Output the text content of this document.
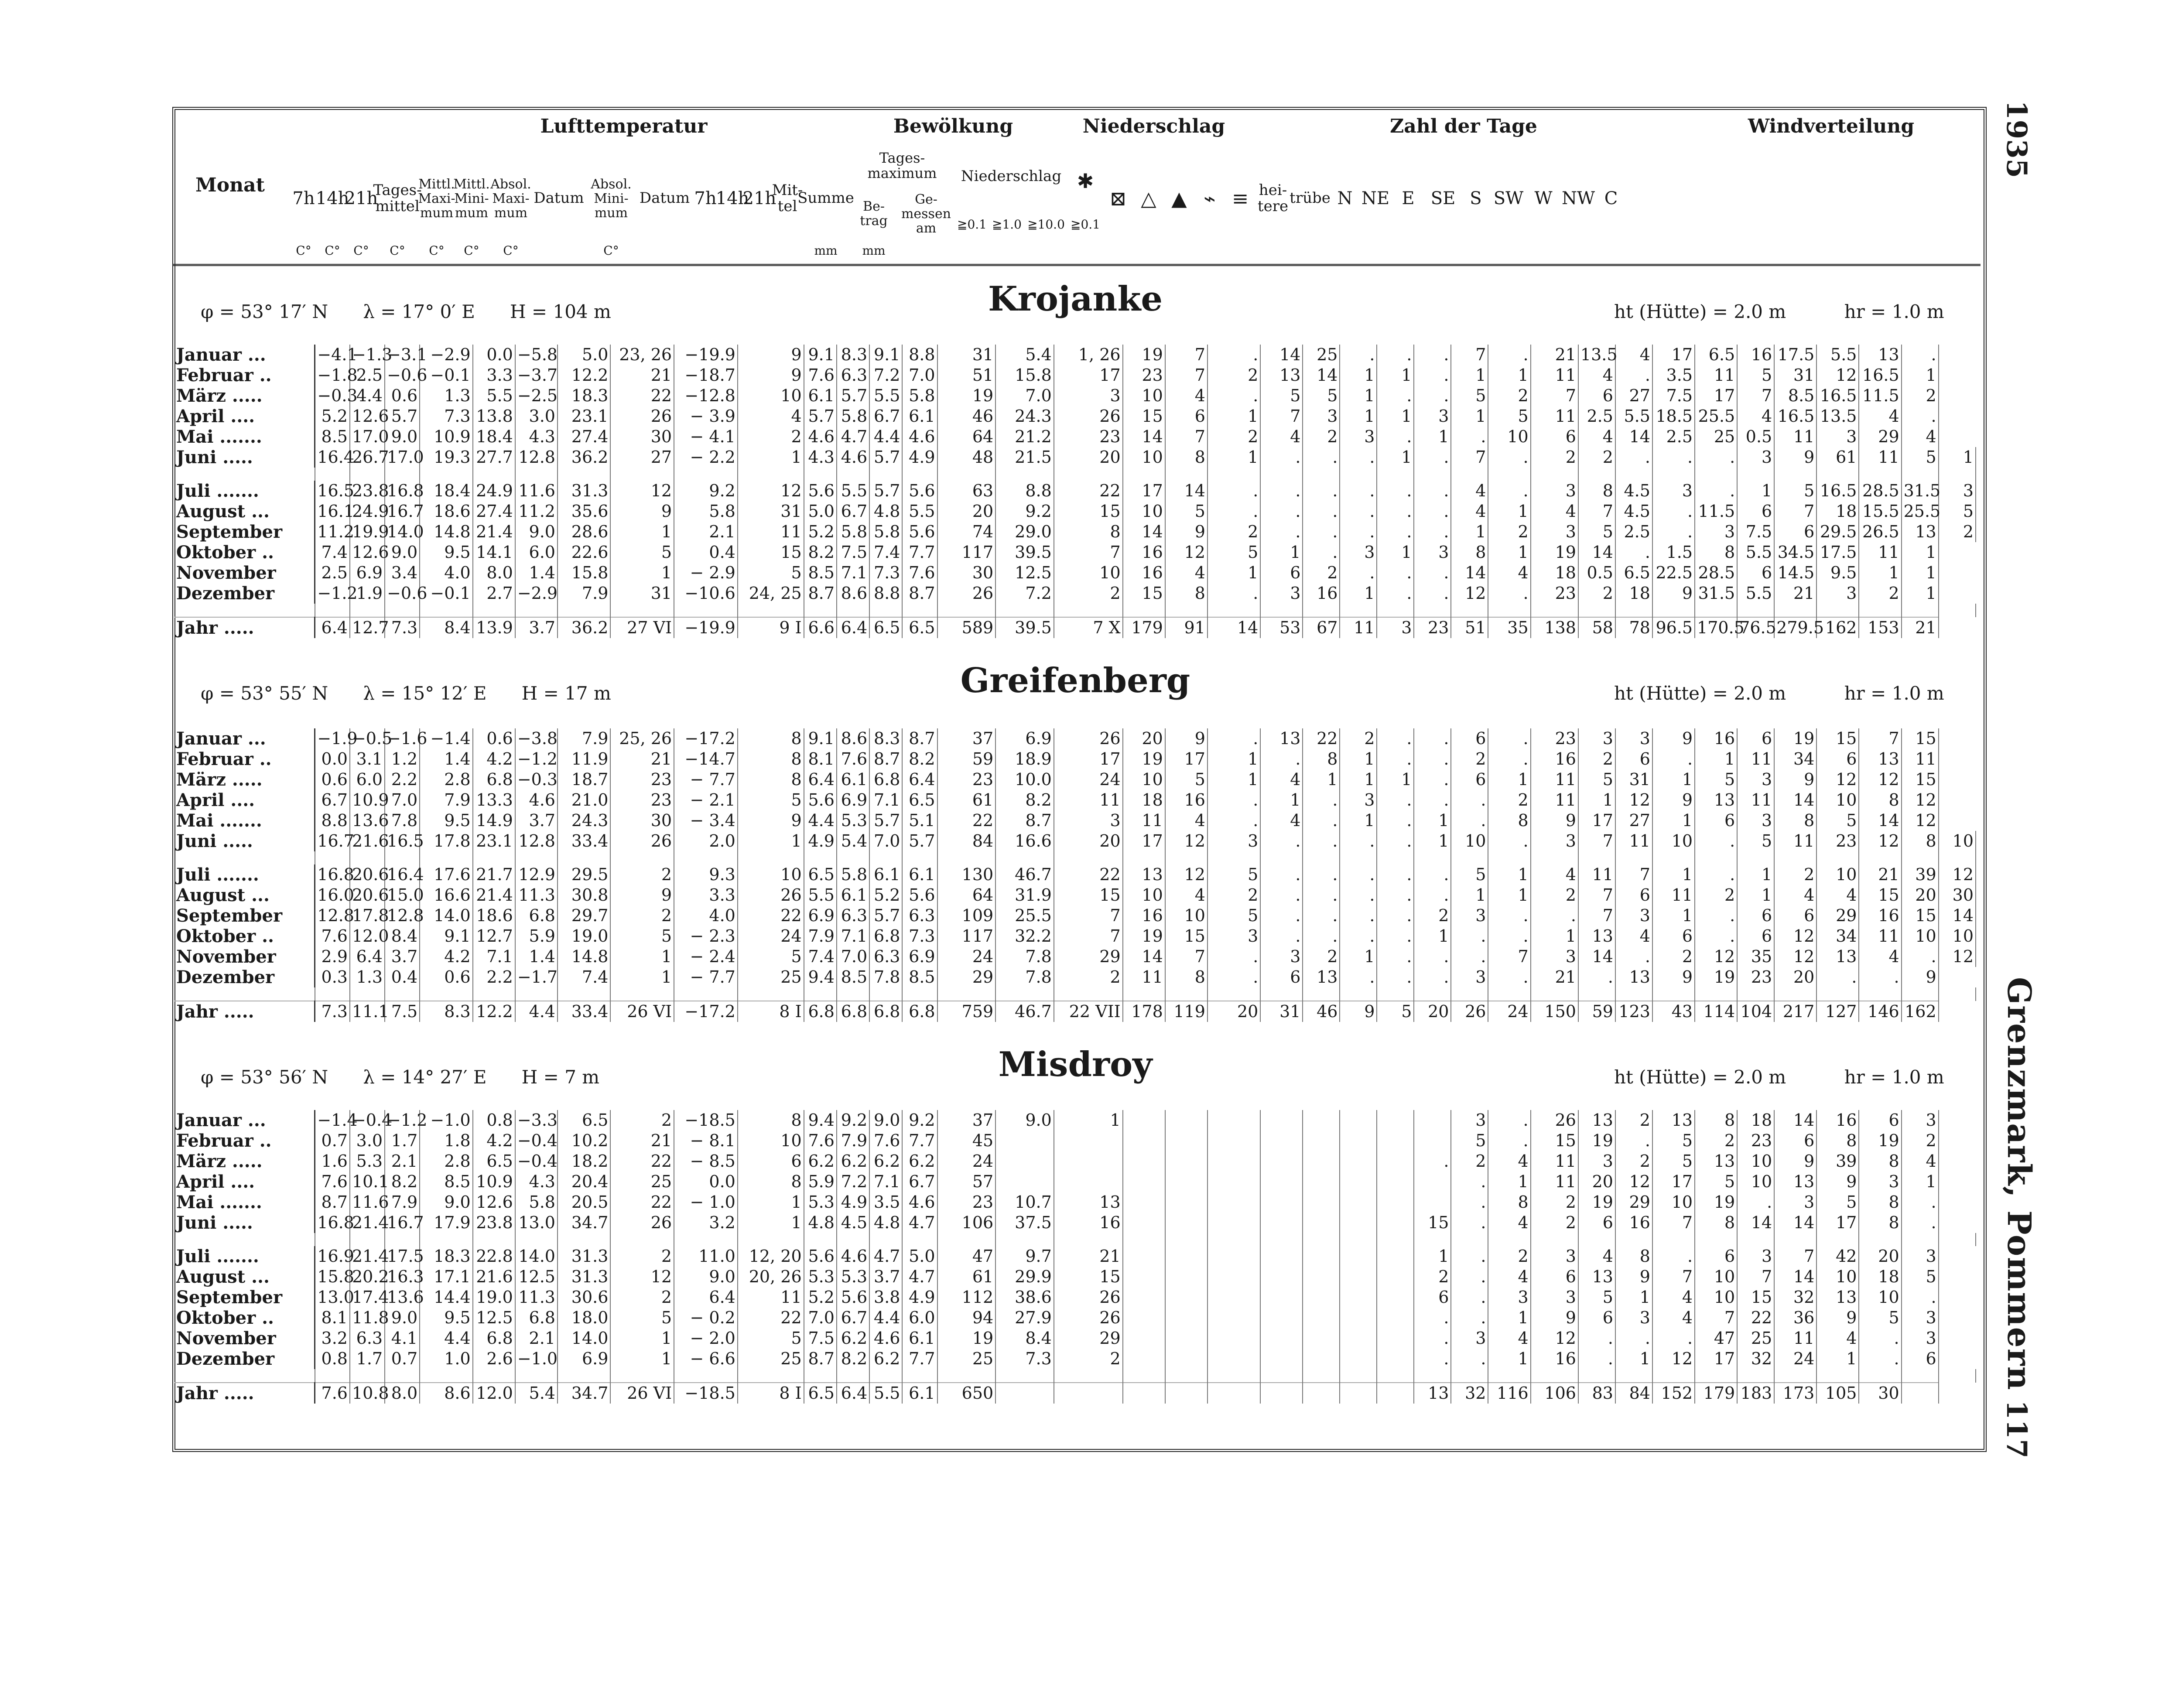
1935
Grenzmark, Pommern
117
Monat
Lufttemperatur	Bewölkung	Niederschlag	Zahl der Tage	Windverteilung
7h 14h
21h
Tages-mittel
Mittl. Maxi-mum
Mittl. Mini-mum
Absol. Maxi-mum
Datum
Absol. Mini-mum
Datum
C°	C°	C°	C°	C°	C°	C°	C°
7h
14h
21h
Mit-tel Summe
Tages-maximum
Be-trag
Ge-messen am
mm	mm
Niederschlag
≧0.1 ≧1.0 ≧10.0 ≧0.1
✱
⊠ △ ▲ ⌁ ≡ hei-tere trübe N NE E SE S SW W NW C
Krojanke
φ = 53° 17′ N      λ = 17° 0′ E      H = 104 m	ht (Hütte) = 2.0 m          hr = 1.0 m
Januar ...	−4.1	−1.3	−3.1	−2.9	0.0	−5.8	5.0	23, 26	−19.9	9	9.1	8.3	9.1	8.8	31	5.4	1, 26	19	7	.	14	25	.	.	.	7	.	21	13.5	4	17	6.5	16	17.5	5.5	13	.	
Februar ..	−1.8	2.5	−0.6	−0.1	3.3	−3.7	12.2	21	−18.7	9	7.6	6.3	7.2	7.0	51	15.8	17	23	7	2	13	14	1	1	.	1	1	11	4	.	3.5	11	5	31	12	16.5	1	
März .....	−0.3	4.4	0.6	1.3	5.5	−2.5	18.3	22	−12.8	10	6.1	5.7	5.5	5.8	19	7.0	3	10	4	.	5	5	1	.	.	5	2	7	6	27	7.5	17	7	8.5	16.5	11.5	2	
April ....	5.2	12.6	5.7	7.3	13.8	3.0	23.1	26	− 3.9	4	5.7	5.8	6.7	6.1	46	24.3	26	15	6	1	7	3	1	1	3	1	5	11	2.5	5.5	18.5	25.5	4	16.5	13.5	4	.	
Mai .......	8.5	17.0	9.0	10.9	18.4	4.3	27.4	30	− 4.1	2	4.6	4.7	4.4	4.6	64	21.2	23	14	7	2	4	2	3	.	1	.	10	6	4	14	2.5	25	0.5	11	3	29	4	
Juni .....	16.4	26.7	17.0	19.3	27.7	12.8	36.2	27	− 2.2	1	4.3	4.6	5.7	4.9	48	21.5	20	10	8	1	.	.	.	1	.	7	.	2	2	.	.	.	3	9	61	11	5	1

Juli .......	16.5	23.8	16.8	18.4	24.9	11.6	31.3	12	9.2	12	5.6	5.5	5.7	5.6	63	8.8	22	17	14	.	.	.	.	.	.	4	.	3	8	4.5	3	.	1	5	16.5	28.5	31.5	3
August ...	16.1	24.9	16.7	18.6	27.4	11.2	35.6	9	5.8	31	5.0	6.7	4.8	5.5	20	9.2	15	10	5	.	.	.	.	.	.	4	1	4	7	4.5	.	11.5	6	7	18	15.5	25.5	5
September	11.2	19.9	14.0	14.8	21.4	9.0	28.6	1	2.1	11	5.2	5.8	5.8	5.6	74	29.0	8	14	9	2	.	.	.	.	.	1	2	3	5	2.5	.	3	7.5	6	29.5	26.5	13	2
Oktober ..	7.4	12.6	9.0	9.5	14.1	6.0	22.6	5	0.4	15	8.2	7.5	7.4	7.7	117	39.5	7	16	12	5	1	.	3	1	3	8	1	19	14	.	1.5	8	5.5	34.5	17.5	11	1	
November	2.5	6.9	3.4	4.0	8.0	1.4	15.8	1	− 2.9	5	8.5	7.1	7.3	7.6	30	12.5	10	16	4	1	6	2	.	.	.	14	4	18	0.5	6.5	22.5	28.5	6	14.5	9.5	1	1	
Dezember	−1.2	1.9	−0.6	−0.1	2.7	−2.9	7.9	31	−10.6	24, 25	8.7	8.6	8.8	8.7	26	7.2	2	15	8	.	3	16	1	.	.	12	.	23	2	18	9	31.5	5.5	21	3	2	1	

Jahr .....	6.4	12.7	7.3	8.4	13.9	3.7	36.2	27 VI	−19.9	9 I	6.6	6.4	6.5	6.5	589	39.5	7 X	179	91	14	53	67	11	3	23	51	35	138	58	78	96.5	170.5	76.5	279.5	162	153	21	
Greifenberg
φ = 53° 55′ N      λ = 15° 12′ E      H = 17 m	ht (Hütte) = 2.0 m          hr = 1.0 m
Januar ...	−1.9	−0.5	−1.6	−1.4	0.6	−3.8	7.9	25, 26	−17.2	8	9.1	8.6	8.3	8.7	37	6.9	26	20	9	.	13	22	2	.	.	6	.	23	3	3	9	16	6	19	15	7	15	
Februar ..	0.0	3.1	1.2	1.4	4.2	−1.2	11.9	21	−14.7	8	8.1	7.6	8.7	8.2	59	18.9	17	19	17	1	.	8	1	.	.	2	.	16	2	6	.	1	11	34	6	13	11	
März .....	0.6	6.0	2.2	2.8	6.8	−0.3	18.7	23	− 7.7	8	6.4	6.1	6.8	6.4	23	10.0	24	10	5	1	4	1	1	1	.	6	1	11	5	31	1	5	3	9	12	12	15	
April ....	6.7	10.9	7.0	7.9	13.3	4.6	21.0	23	− 2.1	5	5.6	6.9	7.1	6.5	61	8.2	11	18	16	.	1	.	3	.	.	.	2	11	1	12	9	13	11	14	10	8	12	
Mai .......	8.8	13.6	7.8	9.5	14.9	3.7	24.3	30	− 3.4	9	4.4	5.3	5.7	5.1	22	8.7	3	11	4	.	4	.	1	.	1	.	8	9	17	27	1	6	3	8	5	14	12	
Juni .....	16.7	21.6	16.5	17.8	23.1	12.8	33.4	26	2.0	1	4.9	5.4	7.0	5.7	84	16.6	20	17	12	3	.	.	.	.	1	10	.	3	7	11	10	.	5	11	23	12	8	10

Juli .......	16.8	20.6	16.4	17.6	21.7	12.9	29.5	2	9.3	10	6.5	5.8	6.1	6.1	130	46.7	22	13	12	5	.	.	.	.	.	5	1	4	11	7	1	.	1	2	10	21	39	12
August ...	16.0	20.6	15.0	16.6	21.4	11.3	30.8	9	3.3	26	5.5	6.1	5.2	5.6	64	31.9	15	10	4	2	.	.	.	.	.	1	1	2	7	6	11	2	1	4	4	15	20	30
September	12.8	17.8	12.8	14.0	18.6	6.8	29.7	2	4.0	22	6.9	6.3	5.7	6.3	109	25.5	7	16	10	5	.	.	.	.	2	3	.	.	7	3	1	.	6	6	29	16	15	14
Oktober ..	7.6	12.0	8.4	9.1	12.7	5.9	19.0	5	− 2.3	24	7.9	7.1	6.8	7.3	117	32.2	7	19	15	3	.	.	.	.	1	.	.	1	13	4	6	.	6	12	34	11	10	10
November	2.9	6.4	3.7	4.2	7.1	1.4	14.8	1	− 2.4	5	7.4	7.0	6.3	6.9	24	7.8	29	14	7	.	3	2	1	.	.	.	7	3	14	.	2	12	35	12	13	4	.	12
Dezember	0.3	1.3	0.4	0.6	2.2	−1.7	7.4	1	− 7.7	25	9.4	8.5	7.8	8.5	29	7.8	2	11	8	.	6	13	.	.	.	3	.	21	.	13	9	19	23	20	.	.	9	

Jahr .....	7.3	11.1	7.5	8.3	12.2	4.4	33.4	26 VI	−17.2	8 I	6.8	6.8	6.8	6.8	759	46.7	22 VII	178	119	20	31	46	9	5	20	26	24	150	59	123	43	114	104	217	127	146	162	
Misdroy
φ = 53° 56′ N      λ = 14° 27′ E      H = 7 m	ht (Hütte) = 2.0 m          hr = 1.0 m
Januar ...	−1.4	−0.4	−1.2	−1.0	0.8	−3.3	6.5	2	−18.5	8	9.4	9.2	9.0	9.2	37	9.0	1									3	.	26	13	2	13	8	18	14	16	6	3	
Februar ..	0.7	3.0	1.7	1.8	4.2	−0.4	10.2	21	− 8.1	10	7.6	7.9	7.6	7.7	45											5	.	15	19	.	5	2	23	6	8	19	2	
März .....	1.6	5.3	2.1	2.8	6.5	−0.4	18.2	22	− 8.5	6	6.2	6.2	6.2	6.2	24										.	2	4	11	3	2	5	13	10	9	39	8	4	
April ....	7.6	10.1	8.2	8.5	10.9	4.3	20.4	25	0.0	8	5.9	7.2	7.1	6.7	57											.	1	11	20	12	17	5	10	13	9	3	1	
Mai .......	8.7	11.6	7.9	9.0	12.6	5.8	20.5	22	− 1.0	1	5.3	4.9	3.5	4.6	23	10.7	13									.	8	2	19	29	10	19	.	3	5	8	.	
Juni .....	16.8	21.4	16.7	17.9	23.8	13.0	34.7	26	3.2	1	4.8	4.5	4.8	4.7	106	37.5	16								15	.	4	2	6	16	7	8	14	14	17	8	.	

Juli .......	16.9	21.4	17.5	18.3	22.8	14.0	31.3	2	11.0	12, 20	5.6	4.6	4.7	5.0	47	9.7	21								1	.	2	3	4	8	.	6	3	7	42	20	3	
August ...	15.8	20.2	16.3	17.1	21.6	12.5	31.3	12	9.0	20, 26	5.3	5.3	3.7	4.7	61	29.9	15								2	.	4	6	13	9	7	10	7	14	10	18	5	
September	13.0	17.4	13.6	14.4	19.0	11.3	30.6	2	6.4	11	5.2	5.6	3.8	4.9	112	38.6	26								6	.	3	3	5	1	4	10	15	32	13	10	.	
Oktober ..	8.1	11.8	9.0	9.5	12.5	6.8	18.0	5	− 0.2	22	7.0	6.7	4.4	6.0	94	27.9	26								.	.	1	9	6	3	4	7	22	36	9	5	3	
November	3.2	6.3	4.1	4.4	6.8	2.1	14.0	1	− 2.0	5	7.5	6.2	4.6	6.1	19	8.4	29								.	3	4	12	.	.	.	47	25	11	4	.	3	
Dezember	0.8	1.7	0.7	1.0	2.6	−1.0	6.9	1	− 6.6	25	8.7	8.2	6.2	7.7	25	7.3	2								.	.	1	16	.	1	12	17	32	24	1	.	6	

Jahr .....	7.6	10.8	8.0	8.6	12.0	5.4	34.7	26 VI	−18.5	8 I	6.5	6.4	5.5	6.1	650										13	32	116	106	83	84	152	179	183	173	105	30		
